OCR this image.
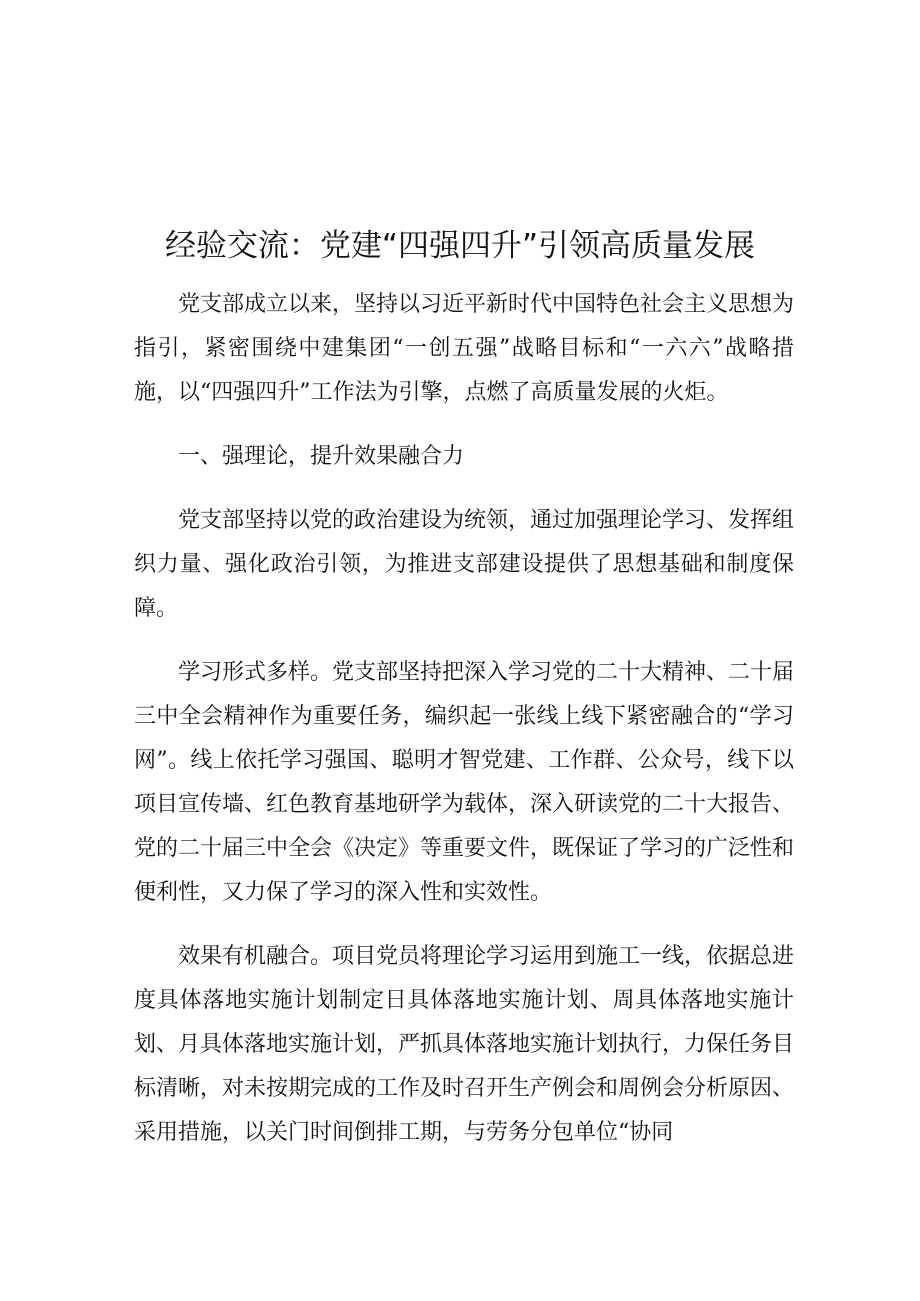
经验交流：党建“四强四升”引领高质量发展

党支部成立以来，坚持以习近平新时代中国特色社会主义思想为指引，紧密围绕中建集团“一创五强”战略目标和“一六六”战略措施，以“四强四升”工作法为引擎，点燃了高质量发展的火炬。

一、强理论，提升效果融合力

党支部坚持以党的政治建设为统领，通过加强理论学习、发挥组织力量、强化政治引领，为推进支部建设提供了思想基础和制度保障。

学习形式多样。党支部坚持把深入学习党的二十大精神、二十届三中全会精神作为重要任务，编织起一张线上线下紧密融合的“学习网”。线上依托学习强国、聪明才智党建、工作群、公众号，线下以项目宣传墙、红色教育基地研学为载体，深入研读党的二十大报告、党的二十届三中全会《决定》等重要文件，既保证了学习的广泛性和便利性，又力保了学习的深入性和实效性。

效果有机融合。项目党员将理论学习运用到施工一线，依据总进度具体落地实施计划制定日具体落地实施计划、周具体落地实施计划、月具体落地实施计划，严抓具体落地实施计划执行，力保任务目标清晰，对未按期完成的工作及时召开生产例会和周例会分析原因、采用措施，以关门时间倒排工期，与劳务分包单位“协同
